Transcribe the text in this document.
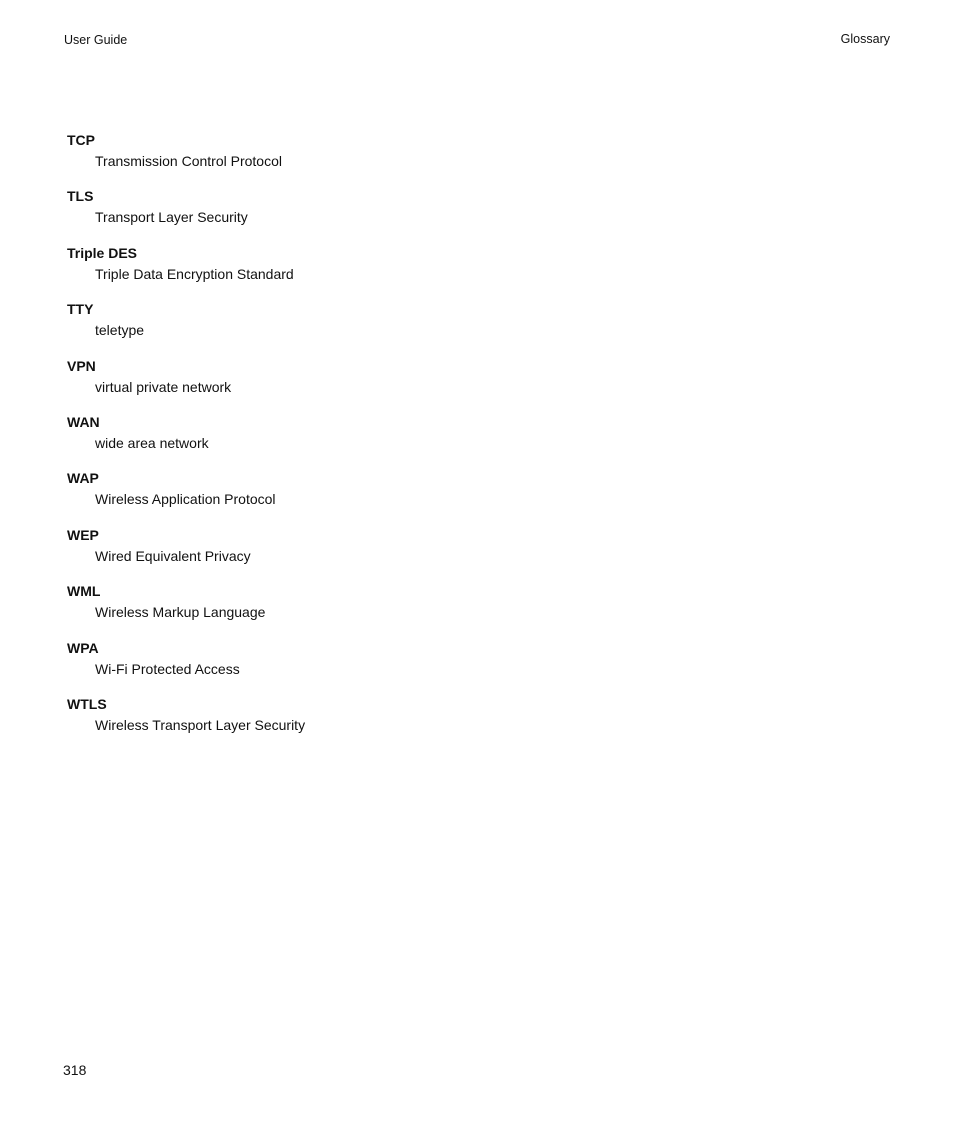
User Guide	Glossary
TCP
Transmission Control Protocol
TLS
Transport Layer Security
Triple DES
Triple Data Encryption Standard
TTY
teletype
VPN
virtual private network
WAN
wide area network
WAP
Wireless Application Protocol
WEP
Wired Equivalent Privacy
WML
Wireless Markup Language
WPA
Wi-Fi Protected Access
WTLS
Wireless Transport Layer Security
318
